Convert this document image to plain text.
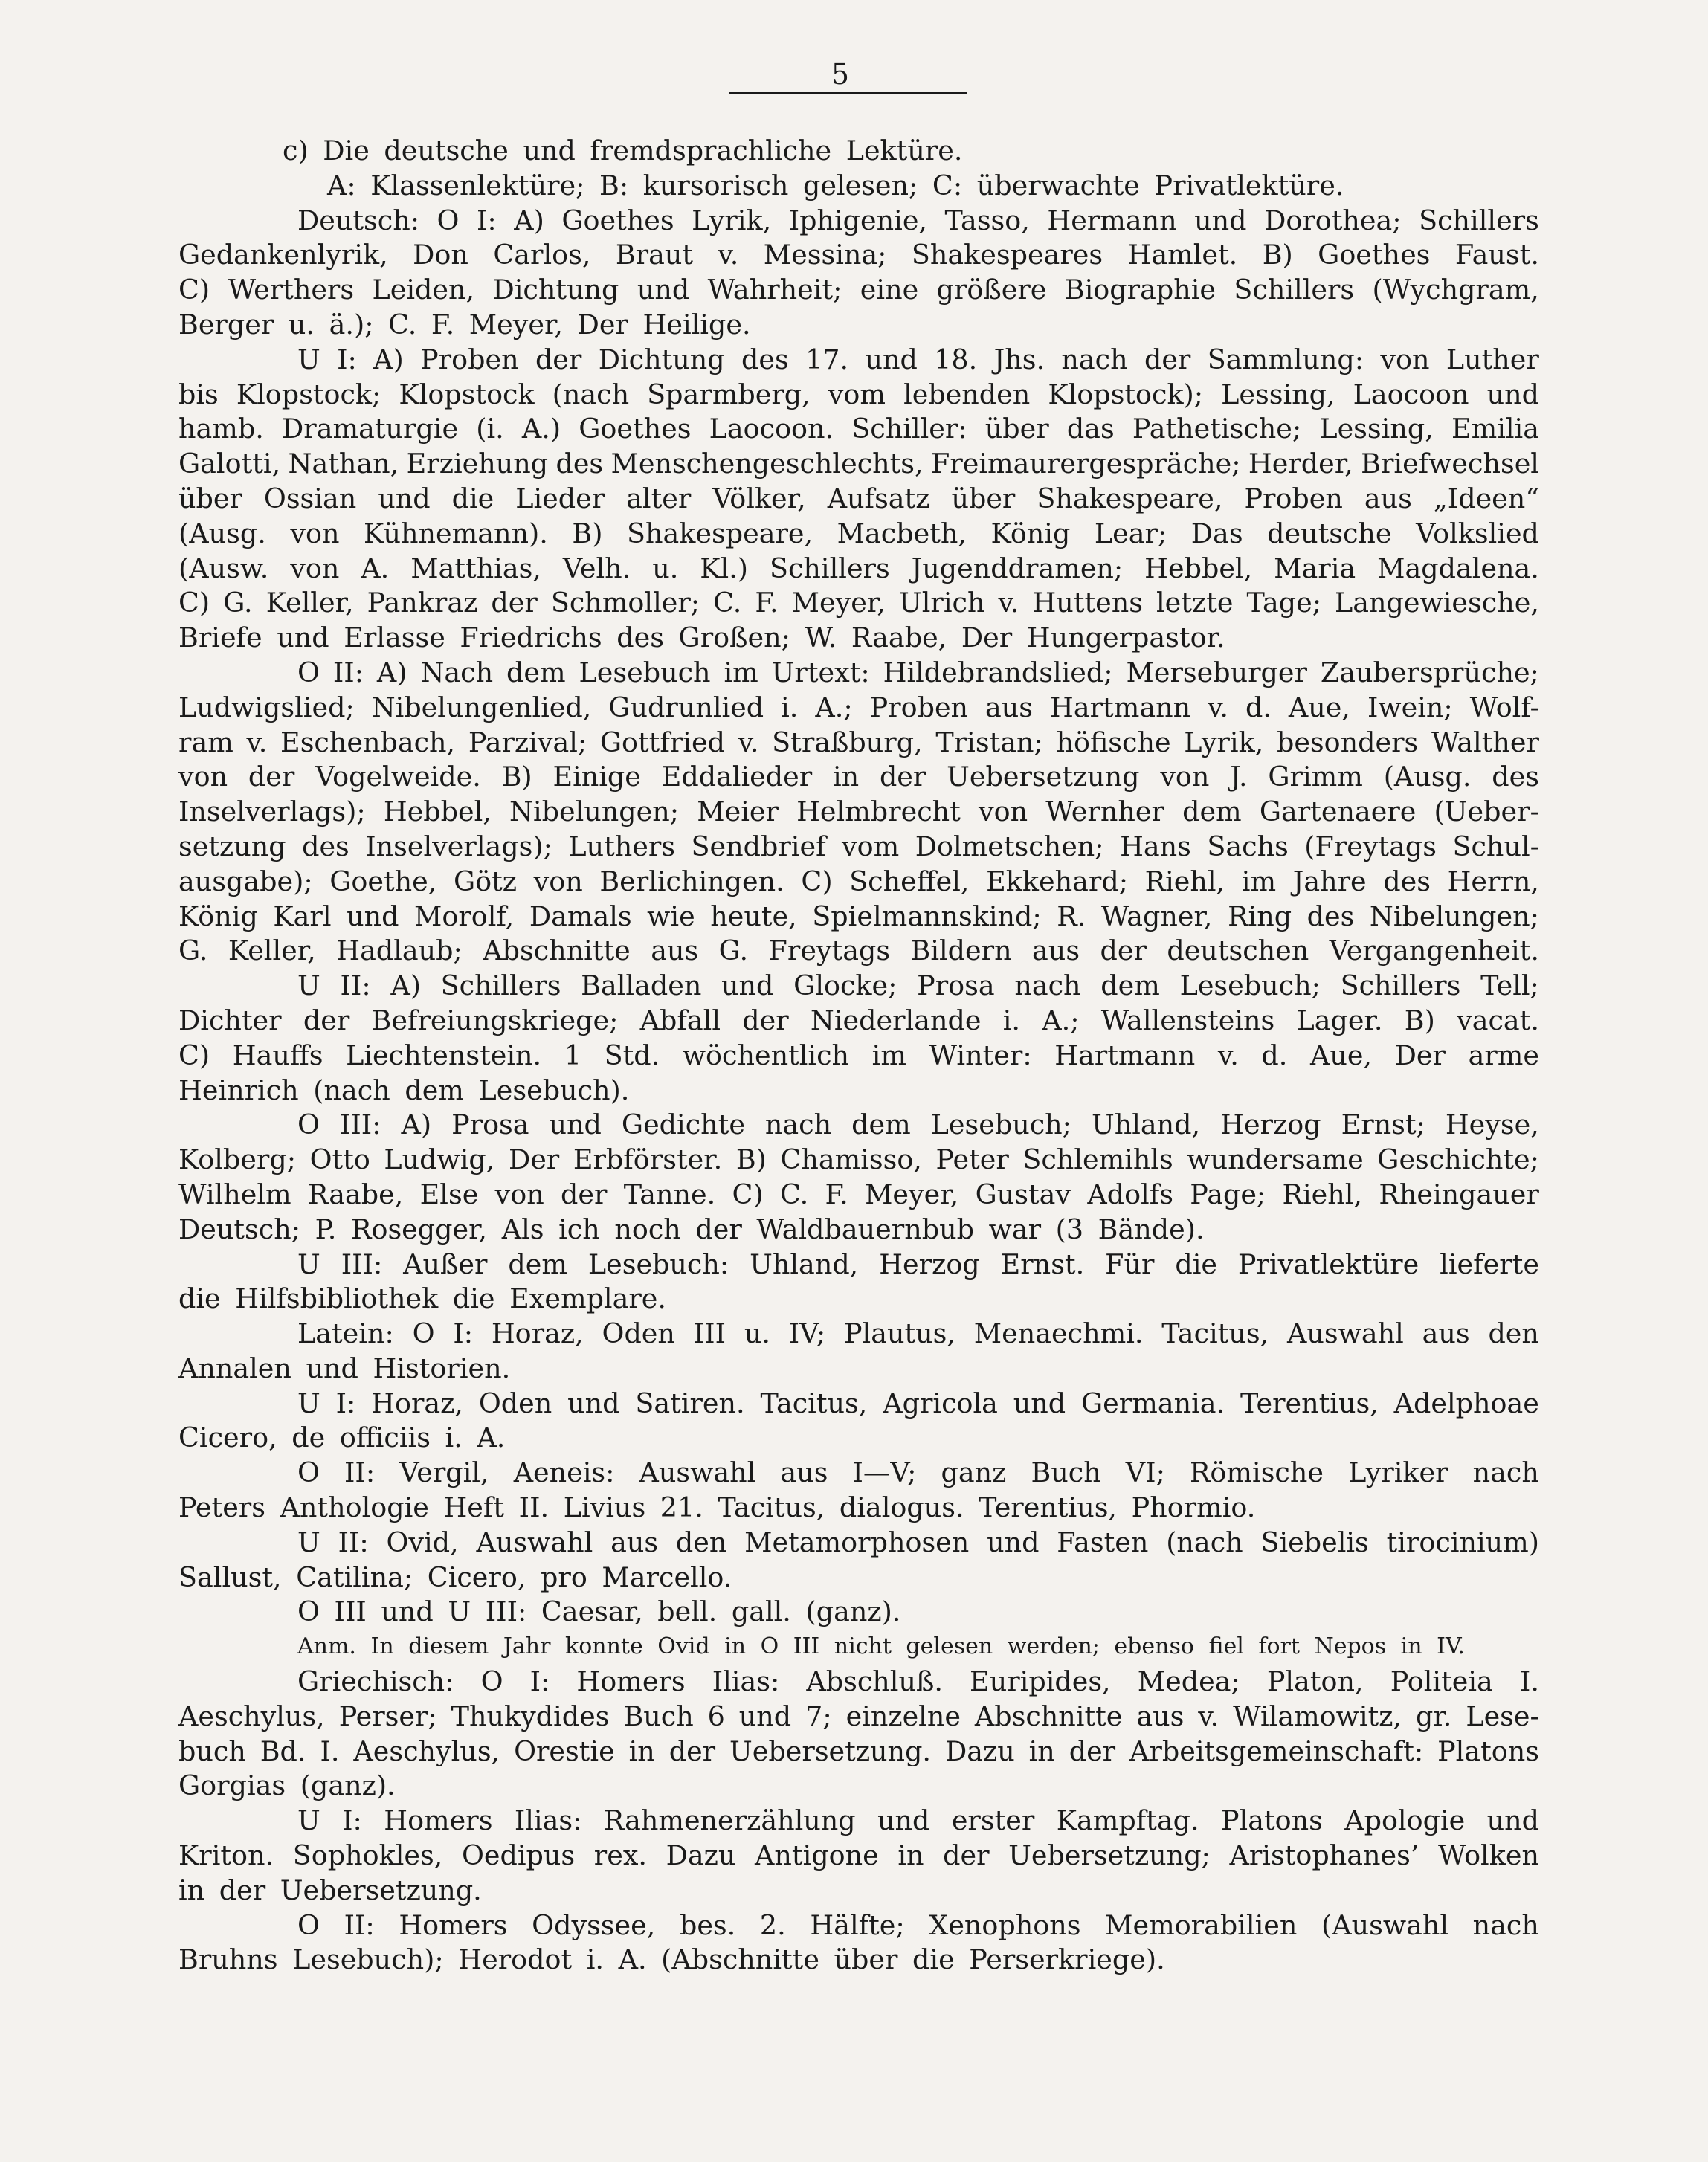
5
c) Die deutsche und fremdsprachliche Lektüre.
A: Klassenlektüre; B: kursorisch gelesen; C: überwachte Privatlektüre.
Deutsch: O I: A) Goethes Lyrik, Iphigenie, Tasso, Hermann und Dorothea; Schillers
Gedankenlyrik, Don Carlos, Braut v. Messina; Shakespeares Hamlet. B) Goethes Faust.
C) Werthers Leiden, Dichtung und Wahrheit; eine größere Biographie Schillers (Wychgram,
Berger u. ä.); C. F. Meyer, Der Heilige.
U I: A) Proben der Dichtung des 17. und 18. Jhs. nach der Sammlung: von Luther
bis Klopstock; Klopstock (nach Sparmberg, vom lebenden Klopstock); Lessing, Laocoon und
hamb. Dramaturgie (i. A.) Goethes Laocoon. Schiller: über das Pathetische; Lessing, Emilia
Galotti, Nathan, Erziehung des Menschengeschlechts, Freimaurergespräche; Herder, Briefwechsel
über Ossian und die Lieder alter Völker, Aufsatz über Shakespeare, Proben aus „Ideen“
(Ausg. von Kühnemann). B) Shakespeare, Macbeth, König Lear; Das deutsche Volkslied
(Ausw. von A. Matthias, Velh. u. Kl.) Schillers Jugenddramen; Hebbel, Maria Magdalena.
C) G. Keller, Pankraz der Schmoller; C. F. Meyer, Ulrich v. Huttens letzte Tage; Langewiesche,
Briefe und Erlasse Friedrichs des Großen; W. Raabe, Der Hungerpastor.
O II: A) Nach dem Lesebuch im Urtext: Hildebrandslied; Merseburger Zaubersprüche;
Ludwigslied; Nibelungenlied, Gudrunlied i. A.; Proben aus Hartmann v. d. Aue, Iwein; Wolf-
ram v. Eschenbach, Parzival; Gottfried v. Straßburg, Tristan; höfische Lyrik, besonders Walther
von der Vogelweide. B) Einige Eddalieder in der Uebersetzung von J. Grimm (Ausg. des
Inselverlags); Hebbel, Nibelungen; Meier Helmbrecht von Wernher dem Gartenaere (Ueber-
setzung des Inselverlags); Luthers Sendbrief vom Dolmetschen; Hans Sachs (Freytags Schul-
ausgabe); Goethe, Götz von Berlichingen. C) Scheffel, Ekkehard; Riehl, im Jahre des Herrn,
König Karl und Morolf, Damals wie heute, Spielmannskind; R. Wagner, Ring des Nibelungen;
G. Keller, Hadlaub; Abschnitte aus G. Freytags Bildern aus der deutschen Vergangenheit.
U II: A) Schillers Balladen und Glocke; Prosa nach dem Lesebuch; Schillers Tell;
Dichter der Befreiungskriege; Abfall der Niederlande i. A.; Wallensteins Lager. B) vacat.
C) Hauffs Liechtenstein. 1 Std. wöchentlich im Winter: Hartmann v. d. Aue, Der arme
Heinrich (nach dem Lesebuch).
O III: A) Prosa und Gedichte nach dem Lesebuch; Uhland, Herzog Ernst; Heyse,
Kolberg; Otto Ludwig, Der Erbförster. B) Chamisso, Peter Schlemihls wundersame Geschichte;
Wilhelm Raabe, Else von der Tanne. C) C. F. Meyer, Gustav Adolfs Page; Riehl, Rheingauer
Deutsch; P. Rosegger, Als ich noch der Waldbauernbub war (3 Bände).
U III: Außer dem Lesebuch: Uhland, Herzog Ernst. Für die Privatlektüre lieferte
die Hilfsbibliothek die Exemplare.
Latein: O I: Horaz, Oden III u. IV; Plautus, Menaechmi. Tacitus, Auswahl aus den
Annalen und Historien.
U I: Horaz, Oden und Satiren. Tacitus, Agricola und Germania. Terentius, Adelphoae
Cicero, de officiis i. A.
O II: Vergil, Aeneis: Auswahl aus I—V; ganz Buch VI; Römische Lyriker nach
Peters Anthologie Heft II. Livius 21. Tacitus, dialogus. Terentius, Phormio.
U II: Ovid, Auswahl aus den Metamorphosen und Fasten (nach Siebelis tirocinium)
Sallust, Catilina; Cicero, pro Marcello.
O III und U III: Caesar, bell. gall. (ganz).
Anm. In diesem Jahr konnte Ovid in O III nicht gelesen werden; ebenso fiel fort Nepos in IV.
Griechisch: O I: Homers Ilias: Abschluß. Euripides, Medea; Platon, Politeia I.
Aeschylus, Perser; Thukydides Buch 6 und 7; einzelne Abschnitte aus v. Wilamowitz, gr. Lese-
buch Bd. I. Aeschylus, Orestie in der Uebersetzung. Dazu in der Arbeitsgemeinschaft: Platons
Gorgias (ganz).
U I: Homers Ilias: Rahmenerzählung und erster Kampftag. Platons Apologie und
Kriton. Sophokles, Oedipus rex. Dazu Antigone in der Uebersetzung; Aristophanes’ Wolken
in der Uebersetzung.
O II: Homers Odyssee, bes. 2. Hälfte; Xenophons Memorabilien (Auswahl nach
Bruhns Lesebuch); Herodot i. A. (Abschnitte über die Perserkriege).
